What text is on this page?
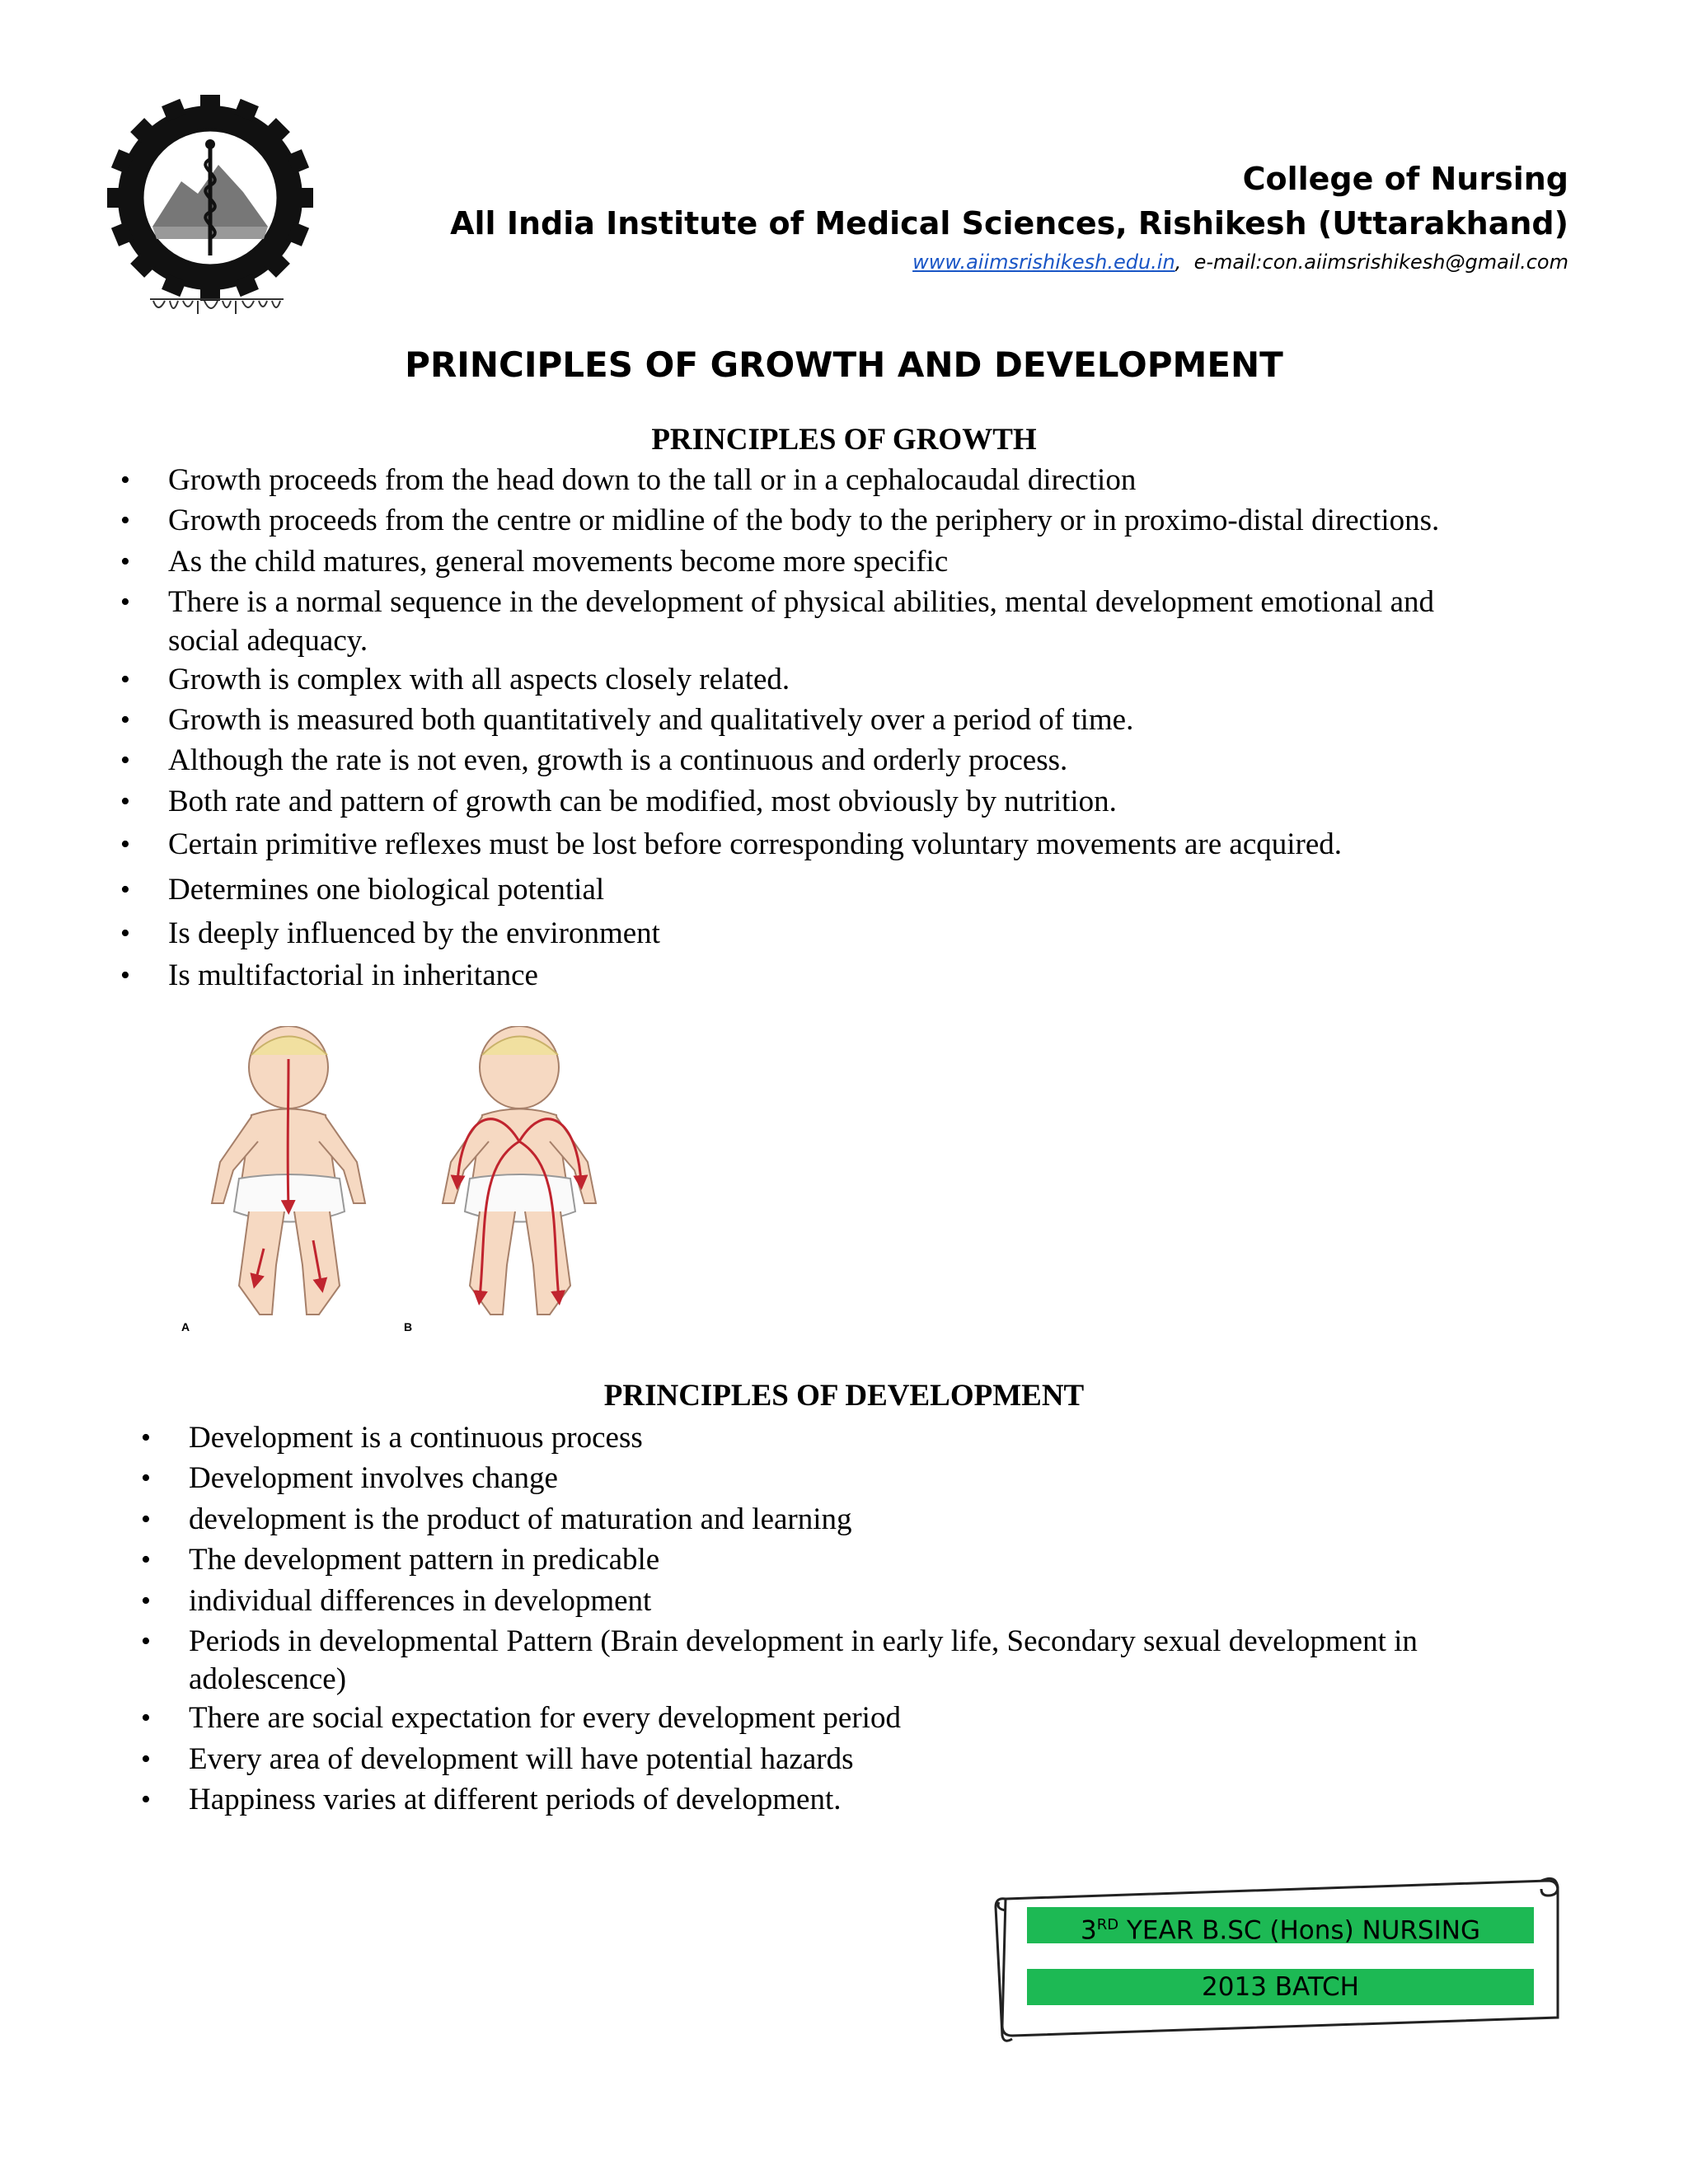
College of Nursing
All India Institute of Medical Sciences, Rishikesh (Uttarakhand)
www.aiimsrishikesh.edu.in, e-mail:con.aiimsrishikesh@gmail.com
PRINCIPLES OF GROWTH AND DEVELOPMENT
PRINCIPLES OF GROWTH
• Growth proceeds from the head down to the tall or in a cephalocaudal direction
• Growth proceeds from the centre or midline of the body to the periphery or in proximo-distal directions.
• As the child matures, general movements become more specific
• There is a normal sequence in the development of physical abilities, mental development emotional and
social adequacy.
• Growth is complex with all aspects closely related.
• Growth is measured both quantitatively and qualitatively over a period of time.
• Although the rate is not even, growth is a continuous and orderly process.
• Both rate and pattern of growth can be modified, most obviously by nutrition.
• Certain primitive reflexes must be lost before corresponding voluntary movements are acquired.
• Determines one biological potential
• Is deeply influenced by the environment
• Is multifactorial in inheritance
A	B
PRINCIPLES OF DEVELOPMENT
• Development is a continuous process
• Development involves change
• development is the product of maturation and learning
• The development pattern in predicable
• individual differences in development
• Periods in developmental Pattern (Brain development in early life, Secondary sexual development in
adolescence)
• There are social expectation for every development period
• Every area of development will have potential hazards
• Happiness varies at different periods of development.
3RD YEAR B.SC (Hons) NURSING
2013 BATCH
